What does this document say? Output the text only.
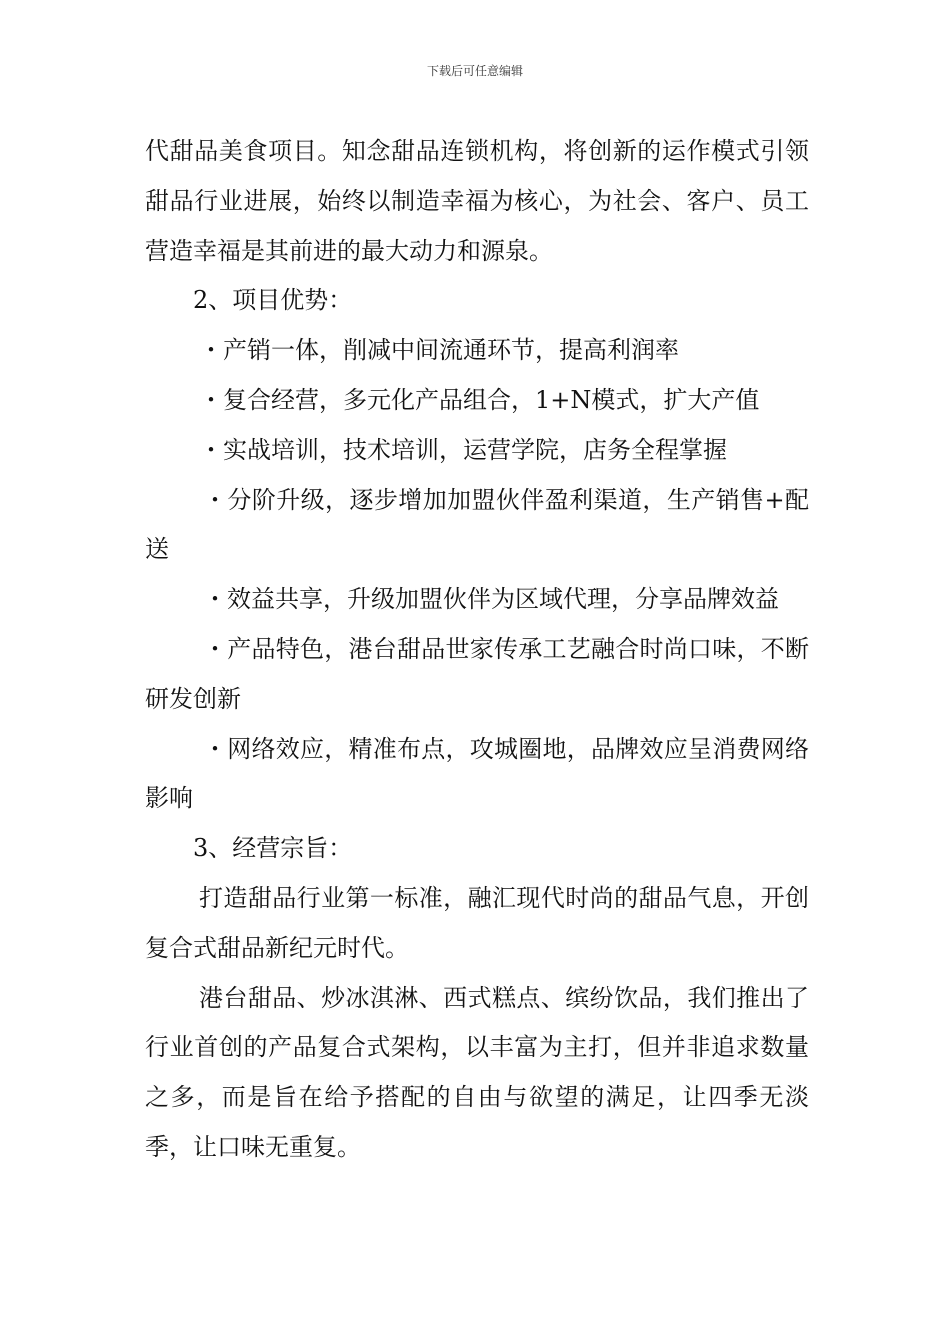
下载后可任意编辑

代甜品美食项目。知念甜品连锁机构，将创新的运作模式引领甜品行业进展，始终以制造幸福为核心，为社会、客户、员工营造幸福是其前进的最大动力和源泉。

2、项目优势：

・产销一体，削减中间流通环节，提高利润率

・复合经营，多元化产品组合，1+N模式，扩大产值

・实战培训，技术培训，运营学院，店务全程掌握

・分阶升级，逐步增加加盟伙伴盈利渠道，生产销售+配送

・效益共享，升级加盟伙伴为区域代理，分享品牌效益

・产品特色，港台甜品世家传承工艺融合时尚口味，不断研发创新

・网络效应，精准布点，攻城圈地，品牌效应呈消费网络影响

3、经营宗旨：

打造甜品行业第一标准，融汇现代时尚的甜品气息，开创复合式甜品新纪元时代。

港台甜品、炒冰淇淋、西式糕点、缤纷饮品，我们推出了行业首创的产品复合式架构，以丰富为主打，但并非追求数量之多，而是旨在给予搭配的自由与欲望的满足，让四季无淡季，让口味无重复。
